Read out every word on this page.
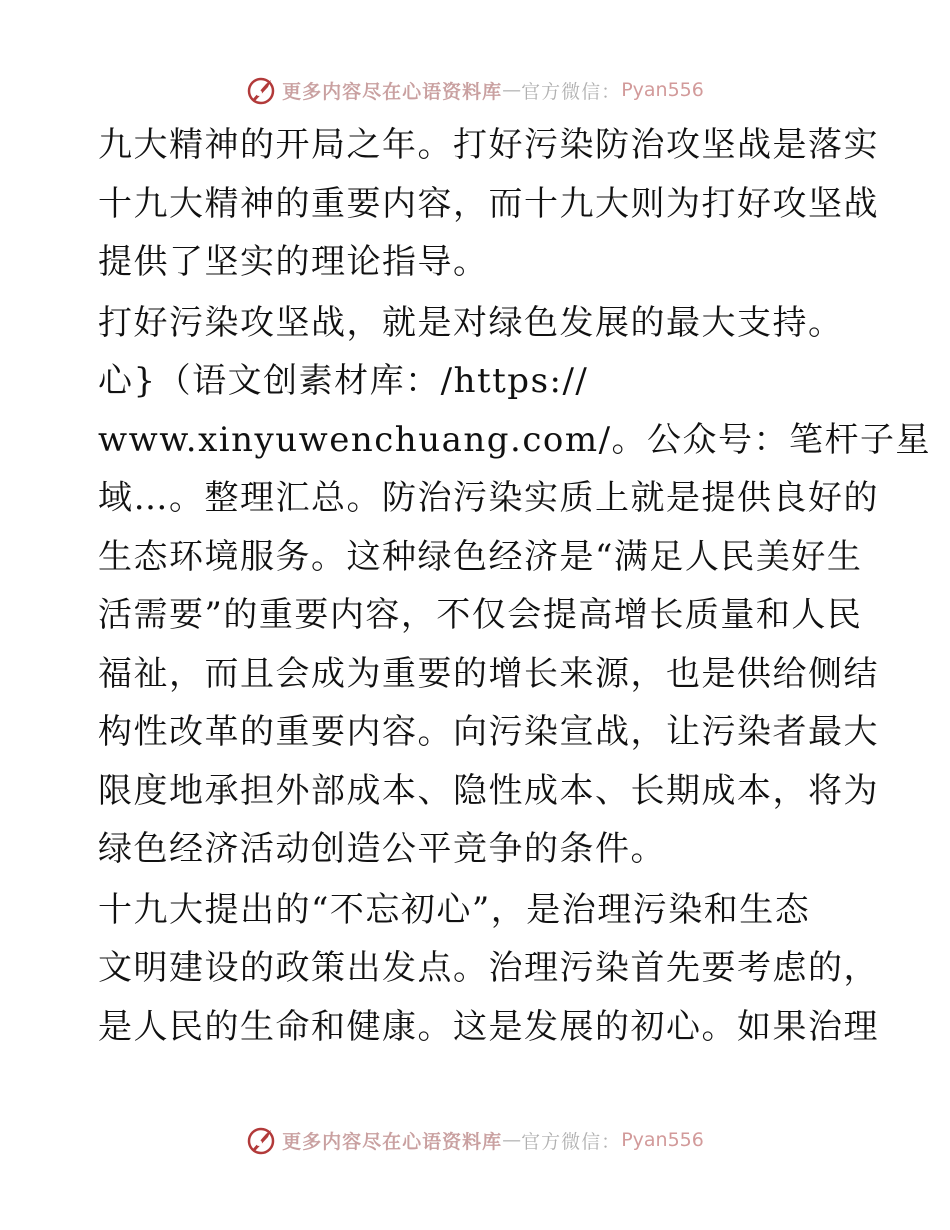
更多内容尽在心语资料库 — 官方微信： Pyan556
九大精神的开局之年。打好污染防治攻坚战是落实
十九大精神的重要内容，而十九大则为打好攻坚战
提供了坚实的理论指导。
打好污染攻坚战，就是对绿色发展的最大支持。
心}（语文创素材库：/https://
www.xinyuwenchuang.com/。公众号：笔杆子星
域…。整理汇总。防治污染实质上就是提供良好的
生态环境服务。这种绿色经济是“满足人民美好生
活需要”的重要内容，不仅会提高增长质量和人民
福祉，而且会成为重要的增长来源，也是供给侧结
构性改革的重要内容。向污染宣战，让污染者最大
限度地承担外部成本、隐性成本、长期成本，将为
绿色经济活动创造公平竞争的条件。
十九大提出的“不忘初心”，是治理污染和生态
文明建设的政策出发点。治理污染首先要考虑的，
是人民的生命和健康。这是发展的初心。如果治理
更多内容尽在心语资料库 — 官方微信： Pyan556
